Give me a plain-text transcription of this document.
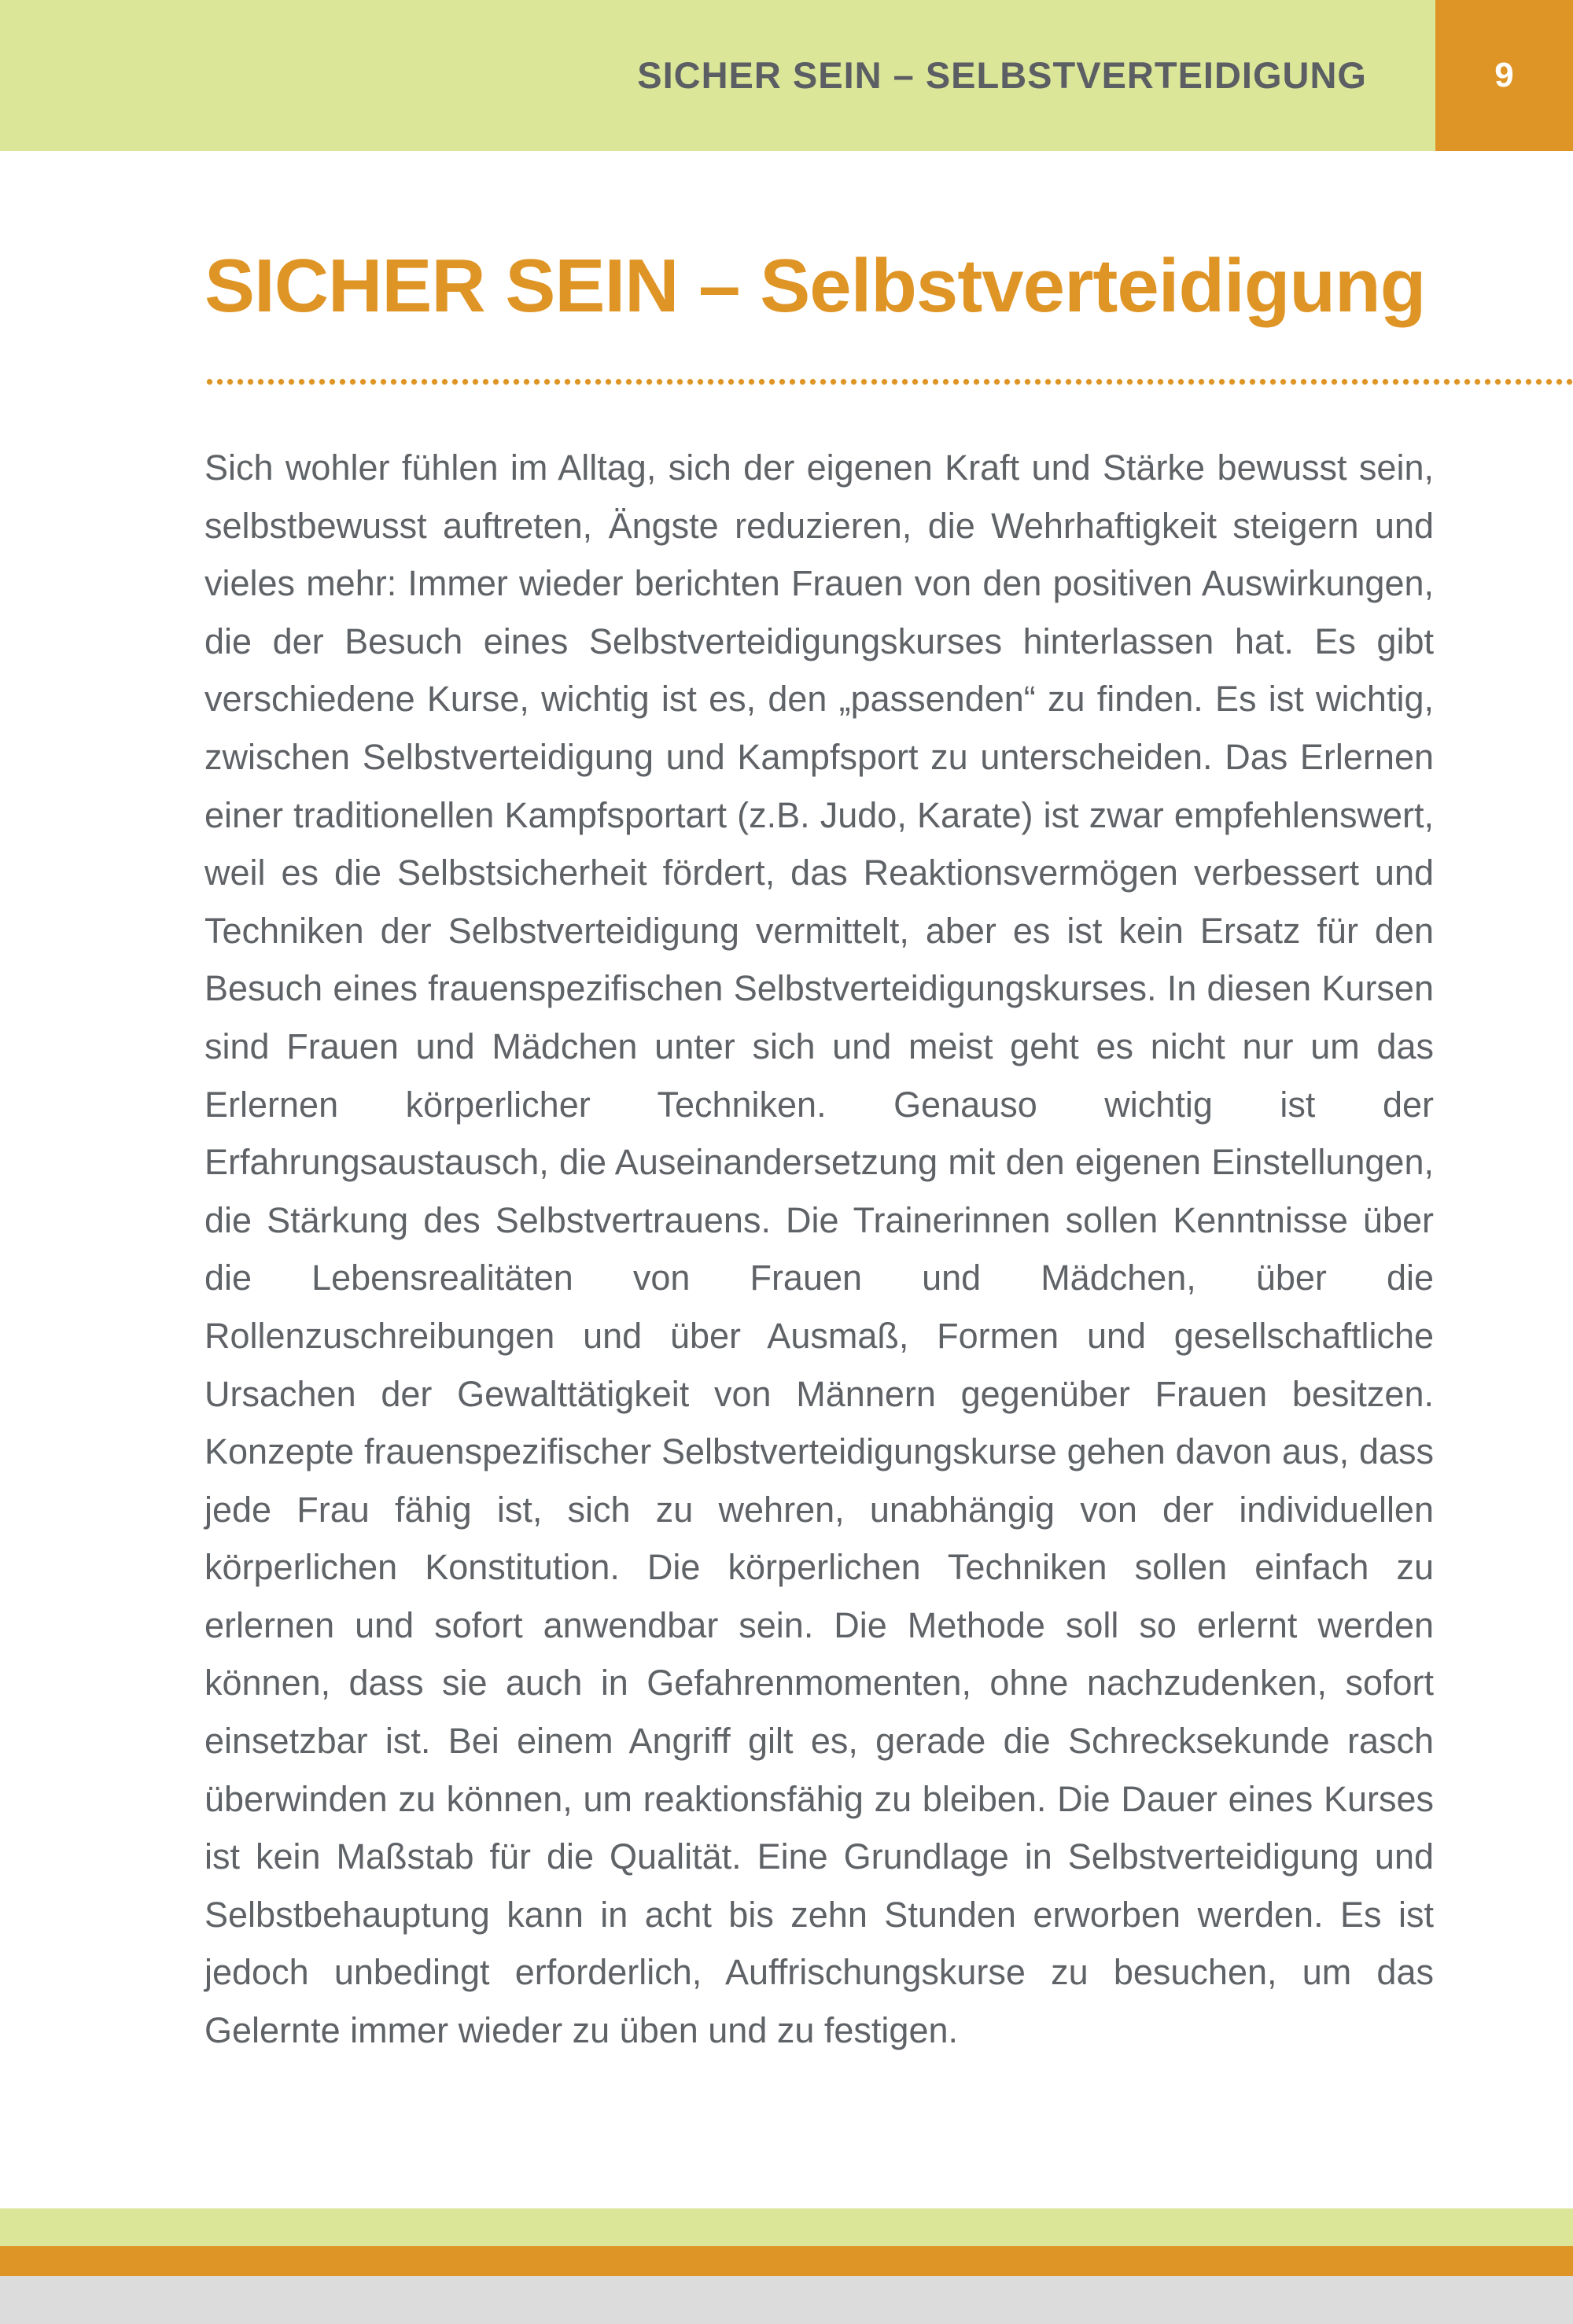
SICHER SEIN – SELBSTVERTEIDIGUNG	9
SICHER SEIN – Selbstverteidigung

Sich wohler fühlen im Alltag, sich der eigenen Kraft und Stärke bewusst sein, selbstbewusst auftreten, Ängste reduzieren, die Wehrhaftigkeit steigern und vieles mehr: Immer wieder berichten Frauen von den positiven Auswirkungen, die der Besuch eines Selbstverteidigungskurses hinterlassen hat. Es gibt verschiedene Kurse, wichtig ist es, den „passenden“ zu finden. Es ist wichtig, zwischen Selbstverteidigung und Kampfsport zu unterscheiden. Das Erlernen einer traditionellen Kampfsportart (z.B. Judo, Karate) ist zwar empfehlenswert, weil es die Selbstsicherheit fördert, das Reaktionsvermögen verbessert und Techniken der Selbstverteidigung vermittelt, aber es ist kein Ersatz für den Besuch eines frauenspezifischen Selbstverteidigungskurses. In diesen Kursen sind Frauen und Mädchen unter sich und meist geht es nicht nur um das Erlernen körperlicher Techniken. Genauso wichtig ist der Erfahrungsaustausch, die Auseinandersetzung mit den eigenen Einstellungen, die Stärkung des Selbstvertrauens. Die Trainerinnen sollen Kenntnisse über die Lebensrealitäten von Frauen und Mädchen, über die Rollenzuschreibungen und über Ausmaß, Formen und gesellschaftliche Ursachen der Gewalttätigkeit von Männern gegenüber Frauen besitzen. Konzepte frauenspezifischer Selbstverteidigungskurse gehen davon aus, dass jede Frau fähig ist, sich zu wehren, unabhängig von der individuellen körperlichen Konstitution. Die körperlichen Techniken sollen einfach zu erlernen und sofort anwendbar sein. Die Methode soll so erlernt werden können, dass sie auch in Gefahrenmomenten, ohne nachzudenken, sofort einsetzbar ist. Bei einem Angriff gilt es, gerade die Schrecksekunde rasch überwinden zu können, um reaktionsfähig zu bleiben. Die Dauer eines Kurses ist kein Maßstab für die Qualität. Eine Grundlage in Selbstverteidigung und Selbstbehauptung kann in acht bis zehn Stunden erworben werden. Es ist jedoch unbedingt erforderlich, Auffrischungskurse zu besuchen, um das Gelernte immer wieder zu üben und zu festigen.
